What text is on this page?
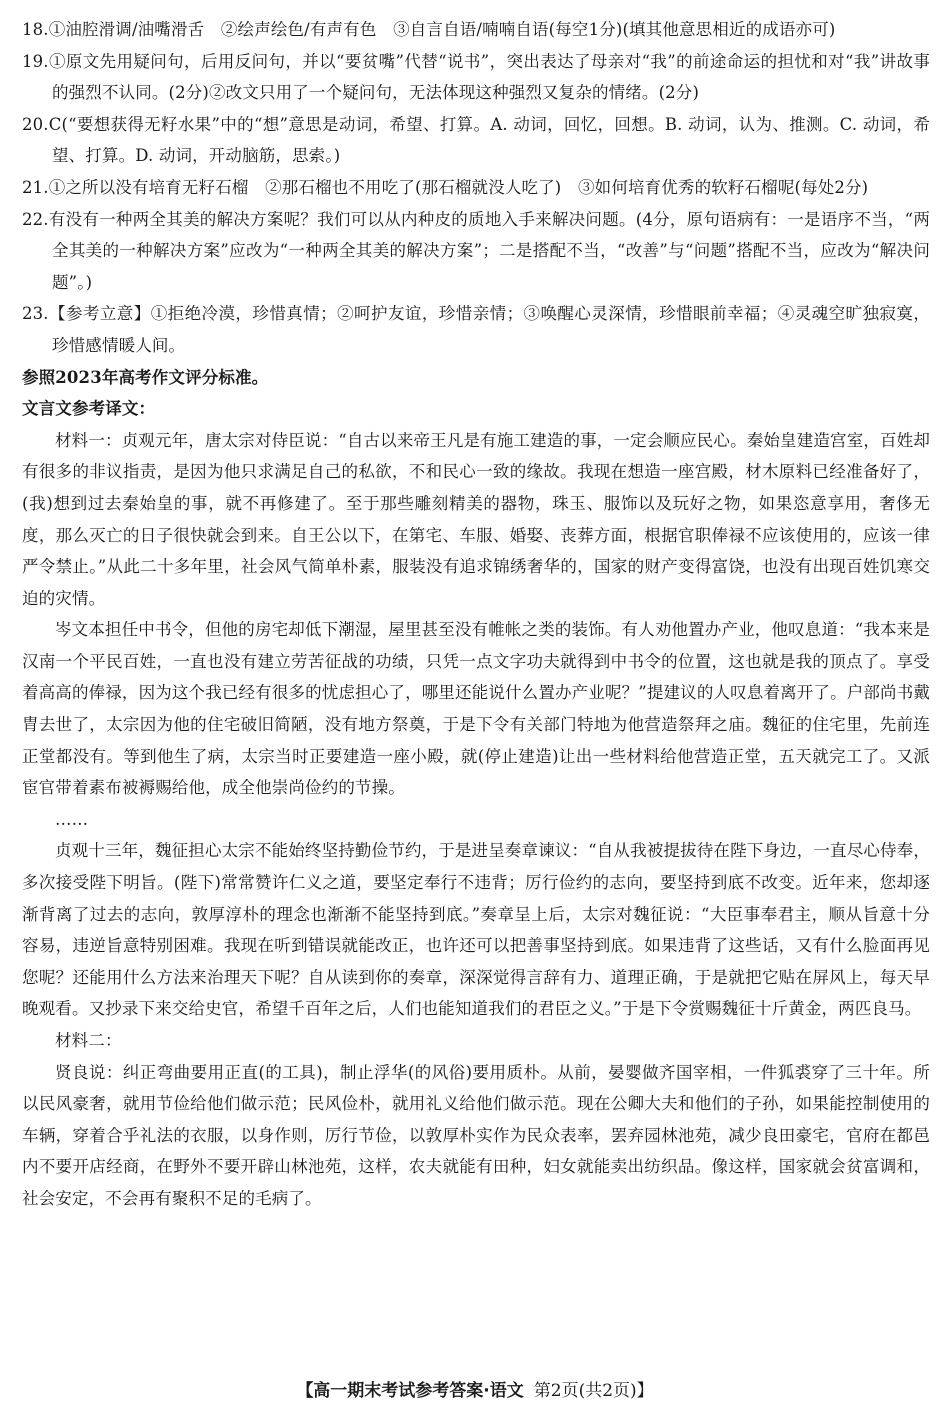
18.①油腔滑调/油嘴滑舌　②绘声绘色/有声有色　③自言自语/喃喃自语(每空1分)(填其他意思相近的成语亦可)

19.①原文先用疑问句，后用反问句，并以“要贫嘴”代替“说书”，突出表达了母亲对“我”的前途命运的担忧和对“我”讲故事的强烈不认同。(2分)②改文只用了一个疑问句，无法体现这种强烈又复杂的情绪。(2分)

20.C(“要想获得无籽水果”中的“想”意思是动词，希望、打算。A. 动词，回忆，回想。B. 动词，认为、推测。C. 动词，希望、打算。D. 动词，开动脑筋，思索。)

21.①之所以没有培育无籽石榴　②那石榴也不用吃了(那石榴就没人吃了)　③如何培育优秀的软籽石榴呢(每处2分)

22.有没有一种两全其美的解决方案呢？我们可以从内种皮的质地入手来解决问题。(4分，原句语病有：一是语序不当，“两全其美的一种解决方案”应改为“一种两全其美的解决方案”；二是搭配不当，“改善”与“问题”搭配不当，应改为“解决问题”。)

23.【参考立意】①拒绝冷漠，珍惜真情；②呵护友谊，珍惜亲情；③唤醒心灵深情，珍惜眼前幸福；④灵魂空旷独寂寞，珍惜感情暖人间。

参照2023年高考作文评分标准。

文言文参考译文：

材料一：贞观元年，唐太宗对侍臣说：“自古以来帝王凡是有施工建造的事，一定会顺应民心。秦始皇建造宫室，百姓却有很多的非议指责，是因为他只求满足自己的私欲，不和民心一致的缘故。我现在想造一座宫殿，材木原料已经准备好了，(我)想到过去秦始皇的事，就不再修建了。至于那些雕刻精美的器物，珠玉、服饰以及玩好之物，如果恣意享用，奢侈无度，那么灭亡的日子很快就会到来。自王公以下，在第宅、车服、婚娶、丧葬方面，根据官职俸禄不应该使用的，应该一律严令禁止。”从此二十多年里，社会风气简单朴素，服装没有追求锦绣奢华的，国家的财产变得富饶，也没有出现百姓饥寒交迫的灾情。

岑文本担任中书令，但他的房宅却低下潮湿，屋里甚至没有帷帐之类的装饰。有人劝他置办产业，他叹息道：“我本来是汉南一个平民百姓，一直也没有建立劳苦征战的功绩，只凭一点文字功夫就得到中书令的位置，这也就是我的顶点了。享受着高高的俸禄，因为这个我已经有很多的忧虑担心了，哪里还能说什么置办产业呢？”提建议的人叹息着离开了。户部尚书戴胄去世了，太宗因为他的住宅破旧简陋，没有地方祭奠，于是下令有关部门特地为他营造祭拜之庙。魏征的住宅里，先前连正堂都没有。等到他生了病，太宗当时正要建造一座小殿，就(停止建造)让出一些材料给他营造正堂，五天就完工了。又派宦官带着素布被褥赐给他，成全他崇尚俭约的节操。

……

贞观十三年，魏征担心太宗不能始终坚持勤俭节约，于是进呈奏章谏议：“自从我被提拔待在陛下身边，一直尽心侍奉，多次接受陛下明旨。(陛下)常常赞许仁义之道，要坚定奉行不违背；厉行俭约的志向，要坚持到底不改变。近年来，您却逐渐背离了过去的志向，敦厚淳朴的理念也渐渐不能坚持到底。”奏章呈上后，太宗对魏征说：“大臣事奉君主，顺从旨意十分容易，违逆旨意特别困难。我现在听到错误就能改正，也许还可以把善事坚持到底。如果违背了这些话，又有什么脸面再见您呢？还能用什么方法来治理天下呢？自从读到你的奏章，深深觉得言辞有力、道理正确，于是就把它贴在屏风上，每天早晚观看。又抄录下来交给史官，希望千百年之后，人们也能知道我们的君臣之义。”于是下令赏赐魏征十斤黄金，两匹良马。

材料二：

贤良说：纠正弯曲要用正直(的工具)，制止浮华(的风俗)要用质朴。从前，晏婴做齐国宰相，一件狐裘穿了三十年。所以民风豪奢，就用节俭给他们做示范；民风俭朴，就用礼义给他们做示范。现在公卿大夫和他们的子孙，如果能控制使用的车辆，穿着合乎礼法的衣服，以身作则，厉行节俭，以敦厚朴实作为民众表率，罢弃园林池苑，减少良田豪宅，官府在都邑内不要开店经商，在野外不要开辟山林池苑，这样，农夫就能有田种，妇女就能卖出纺织品。像这样，国家就会贫富调和，社会安定，不会再有聚积不足的毛病了。

【高一期末考试参考答案·语文 第2页(共2页)】
